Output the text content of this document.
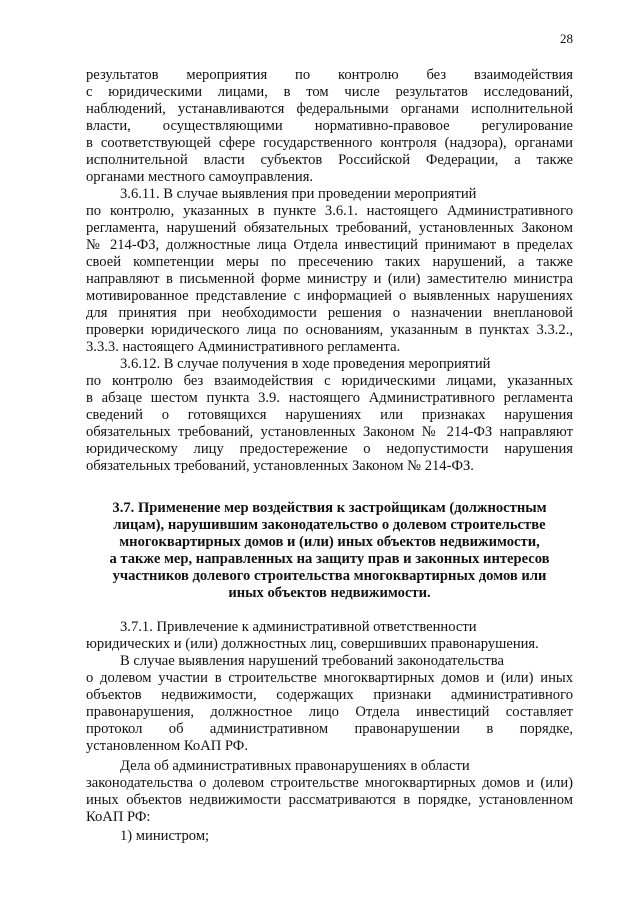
28
результатов мероприятия по контролю без взаимодействия
с юридическими лицами, в том числе результатов исследований,
наблюдений, устанавливаются федеральными органами исполнительной
власти, осуществляющими нормативно-правовое регулирование
в соответствующей сфере государственного контроля (надзора), органами
исполнительной власти субъектов Российской Федерации, а также
органами местного самоуправления.
3.6.11. В случае выявления при проведении мероприятий
по контролю, указанных в пункте 3.6.1. настоящего Административного
регламента, нарушений обязательных требований, установленных Законом
№ 214-ФЗ, должностные лица Отдела инвестиций принимают в пределах
своей компетенции меры по пресечению таких нарушений, а также
направляют в письменной форме министру и (или) заместителю министра
мотивированное представление с информацией о выявленных нарушениях
для принятия при необходимости решения о назначении внеплановой
проверки юридического лица по основаниям, указанным в пунктах 3.3.2.,
3.3.3. настоящего Административного регламента.
3.6.12. В случае получения в ходе проведения мероприятий
по контролю без взаимодействия с юридическими лицами, указанных
в абзаце шестом пункта 3.9. настоящего Административного регламента
сведений о готовящихся нарушениях или признаках нарушения
обязательных требований, установленных Законом № 214-ФЗ направляют
юридическому лицу предостережение о недопустимости нарушения
обязательных требований, установленных Законом № 214-ФЗ.
3.7. Применение мер воздействия к застройщикам (должностным
лицам), нарушившим законодательство о долевом строительстве
многоквартирных домов и (или) иных объектов недвижимости,
а также мер, направленных на защиту прав и законных интересов
участников долевого строительства многоквартирных домов или
иных объектов недвижимости.
3.7.1. Привлечение к административной ответственности
юридических и (или) должностных лиц, совершивших правонарушения.
В случае выявления нарушений требований законодательства
о долевом участии в строительстве многоквартирных домов и (или) иных
объектов недвижимости, содержащих признаки административного
правонарушения, должностное лицо Отдела инвестиций составляет
протокол об административном правонарушении в порядке,
установленном КоАП РФ.
Дела об административных правонарушениях в области
законодательства о долевом строительстве многоквартирных домов и (или)
иных объектов недвижимости рассматриваются в порядке, установленном
КоАП РФ:
1) министром;
